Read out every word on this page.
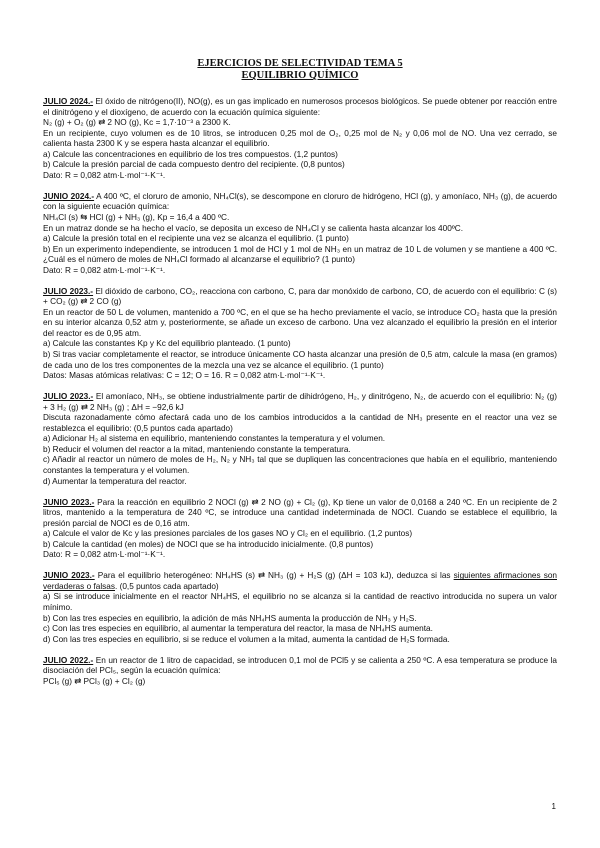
EJERCICIOS DE SELECTIVIDAD TEMA 5
EQUILIBRIO QUÍMICO

JULIO 2024.- El óxido de nitrógeno(II), NO(g), es un gas implicado en numerosos procesos biológicos. Se puede obtener por reacción entre el dinitrógeno y el dioxígeno, de acuerdo con la ecuación química siguiente:

N₂ (g) + O₂ (g) ⇄ 2 NO (g), Kc = 1,7·10⁻³ a 2300 K.

En un recipiente, cuyo volumen es de 10 litros, se introducen 0,25 mol de O₂, 0,25 mol de N₂ y 0,06 mol de NO. Una vez cerrado, se calienta hasta 2300 K y se espera hasta alcanzar el equilibrio.

a) Calcule las concentraciones en equilibrio de los tres compuestos. (1,2 puntos)

b) Calcule la presión parcial de cada compuesto dentro del recipiente. (0,8 puntos)

Dato: R = 0,082 atm·L·mol⁻¹·K⁻¹.

JUNIO 2024.- A 400 ºC, el cloruro de amonio, NH₄Cl(s), se descompone en cloruro de hidrógeno, HCl (g), y amoníaco, NH₃ (g), de acuerdo con la siguiente ecuación química:

NH₄Cl (s) ⇆ HCl (g) + NH₃ (g), Kp = 16,4 a 400 ºC.

En un matraz donde se ha hecho el vacío, se deposita un exceso de NH₄Cl y se calienta hasta alcanzar los 400ºC.

a) Calcule la presión total en el recipiente una vez se alcanza el equilibrio. (1 punto)

b) En un experimento independiente, se introducen 1 mol de HCl y 1 mol de NH₃ en un matraz de 10 L de volumen y se mantiene a 400 ºC. ¿Cuál es el número de moles de NH₄Cl formado al alcanzarse el equilibrio? (1 punto)

Dato: R = 0,082 atm·L·mol⁻¹·K⁻¹.

JULIO 2023.- El dióxido de carbono, CO₂, reacciona con carbono, C, para dar monóxido de carbono, CO, de acuerdo con el equilibrio: C (s) + CO₂ (g) ⇄ 2 CO (g)

En un reactor de 50 L de volumen, mantenido a 700 ºC, en el que se ha hecho previamente el vacío, se introduce CO₂ hasta que la presión en su interior alcanza 0,52 atm y, posteriormente, se añade un exceso de carbono. Una vez alcanzado el equilibrio la presión en el interior del reactor es de 0,95 atm.

a) Calcule las constantes Kp y Kc del equilibrio planteado. (1 punto)

b) Si tras vaciar completamente el reactor, se introduce únicamente CO hasta alcanzar una presión de 0,5 atm, calcule la masa (en gramos) de cada uno de los tres componentes de la mezcla una vez se alcance el equilibrio. (1 punto)

Datos: Masas atómicas relativas: C = 12; O = 16. R = 0,082 atm·L·mol⁻¹·K⁻¹.

JULIO 2023.- El amoníaco, NH₃, se obtiene industrialmente partir de dihidrógeno, H₂, y dinitrógeno, N₂, de acuerdo con el equilibrio: N₂ (g) + 3 H₂ (g) ⇄ 2 NH₃ (g) ; ΔH = −92,6 kJ

Discuta razonadamente cómo afectará cada uno de los cambios introducidos a la cantidad de NH₃ presente en el reactor una vez se restablezca el equilibrio: (0,5 puntos cada apartado)

a) Adicionar H₂ al sistema en equilibrio, manteniendo constantes la temperatura y el volumen.

b) Reducir el volumen del reactor a la mitad, manteniendo constante la temperatura.

c) Añadir al reactor un número de moles de H₂, N₂ y NH₃ tal que se dupliquen las concentraciones que había en el equilibrio, manteniendo constantes la temperatura y el volumen.

d) Aumentar la temperatura del reactor.

JUNIO 2023.- Para la reacción en equilibrio 2 NOCl (g) ⇄ 2 NO (g) + Cl₂ (g), Kp tiene un valor de 0,0168 a 240 ºC. En un recipiente de 2 litros, mantenido a la temperatura de 240 ºC, se introduce una cantidad indeterminada de NOCl. Cuando se establece el equilibrio, la presión parcial de NOCl es de 0,16 atm.

a) Calcule el valor de Kc y las presiones parciales de los gases NO y Cl₂ en el equilibrio. (1,2 puntos)

b) Calcule la cantidad (en moles) de NOCl que se ha introducido inicialmente. (0,8 puntos)

Dato: R = 0,082 atm·L·mol⁻¹·K⁻¹.

JUNIO 2023.- Para el equilibrio heterogéneo: NH₄HS (s) ⇄ NH₃ (g) + H₂S (g) (ΔH = 103 kJ), deduzca si las siguientes afirmaciones son verdaderas o falsas. (0,5 puntos cada apartado)

a) Si se introduce inicialmente en el reactor NH₄HS, el equilibrio no se alcanza si la cantidad de reactivo introducida no supera un valor mínimo.

b) Con las tres especies en equilibrio, la adición de más NH₄HS aumenta la producción de NH₃ y H₂S.

c) Con las tres especies en equilibrio, al aumentar la temperatura del reactor, la masa de NH₄HS aumenta.

d) Con las tres especies en equilibrio, si se reduce el volumen a la mitad, aumenta la cantidad de H₂S formada.

JULIO 2022.- En un reactor de 1 litro de capacidad, se introducen 0,1 mol de PCl5 y se calienta a 250 ºC. A esa temperatura se produce la disociación del PCl₅, según la ecuación química:

PCl₅ (g) ⇄ PCl₃ (g) + Cl₂ (g)

1
